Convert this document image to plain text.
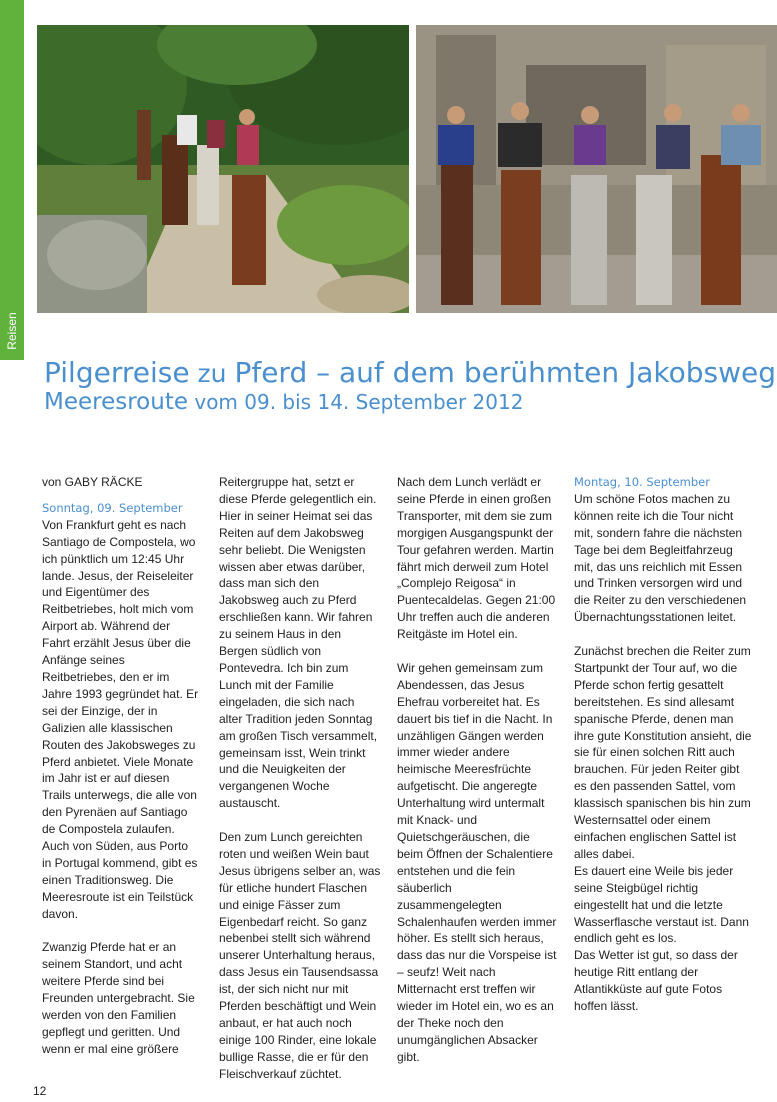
Reisen
Pilgerreise zu Pferd – auf dem berühmten Jakobsweg
Meeresroute vom 09. bis 14. September 2012

von GABY RÄCKE

Sonntag, 09. September
Von Frankfurt geht es nach Santiago de Compostela, wo ich pünktlich um 12:45 Uhr lande. Jesus, der Reiseleiter und Eigentümer des Reitbetriebes, holt mich vom Airport ab. Während der Fahrt erzählt Jesus über die Anfänge seines Reitbetriebes, den er im Jahre 1993 gegründet hat. Er sei der Einzige, der in Galizien alle klassischen Routen des Jakobsweges zu Pferd anbietet. Viele Monate im Jahr ist er auf diesen Trails unterwegs, die alle von den Pyrenäen auf Santiago de Compostela zulaufen. Auch von Süden, aus Porto in Portugal kommend, gibt es einen Traditionsweg. Die Meeresroute ist ein Teilstück davon.

Zwanzig Pferde hat er an seinem Standort, und acht weitere Pferde sind bei Freunden untergebracht. Sie werden von den Familien gepflegt und geritten. Und wenn er mal eine größere

Reitergruppe hat, setzt er diese Pferde gelegentlich ein. Hier in seiner Heimat sei das Reiten auf dem Jakobsweg sehr beliebt. Die Wenigsten wissen aber etwas darüber, dass man sich den Jakobsweg auch zu Pferd erschließen kann. Wir fahren zu seinem Haus in den Bergen südlich von Pontevedra. Ich bin zum Lunch mit der Familie eingeladen, die sich nach alter Tradition jeden Sonntag am großen Tisch versammelt, gemeinsam isst, Wein trinkt und die Neuigkeiten der vergangenen Woche austauscht.

Den zum Lunch gereichten roten und weißen Wein baut Jesus übrigens selber an, was für etliche hundert Flaschen und einige Fässer zum Eigenbedarf reicht. So ganz nebenbei stellt sich während unserer Unterhaltung heraus, dass Jesus ein Tausendsassa ist, der sich nicht nur mit Pferden beschäftigt und Wein anbaut, er hat auch noch einige 100 Rinder, eine lokale bullige Rasse, die er für den Fleischverkauf züchtet.

Nach dem Lunch verlädt er seine Pferde in einen großen Transporter, mit dem sie zum morgigen Ausgangspunkt der Tour gefahren werden. Martin fährt mich derweil zum Hotel „Complejo Reigosa“ in Puentecaldelas. Gegen 21:00 Uhr treffen auch die anderen Reitgäste im Hotel ein.

Wir gehen gemeinsam zum Abendessen, das Jesus Ehefrau vorbereitet hat. Es dauert bis tief in die Nacht. In unzähligen Gängen werden immer wieder andere heimische Meeresfrüchte aufgetischt. Die angeregte Unterhaltung wird untermalt mit Knack- und Quietschgeräuschen, die beim Öffnen der Schalentiere entstehen und die fein säuberlich zusammengelegten Schalenhaufen werden immer höher. Es stellt sich heraus, dass das nur die Vorspeise ist – seufz! Weit nach Mitternacht erst treffen wir wieder im Hotel ein, wo es an der Theke noch den unumgänglichen Absacker gibt.

Montag, 10. September
Um schöne Fotos machen zu können reite ich die Tour nicht mit, sondern fahre die nächsten Tage bei dem Begleitfahrzeug mit, das uns reichlich mit Essen und Trinken versorgen wird und die Reiter zu den verschiedenen Übernachtungsstationen leitet.

Zunächst brechen die Reiter zum Startpunkt der Tour auf, wo die Pferde schon fertig gesattelt bereitstehen. Es sind allesamt spanische Pferde, denen man ihre gute Konstitution ansieht, die sie für einen solchen Ritt auch brauchen. Für jeden Reiter gibt es den passenden Sattel, vom klassisch spanischen bis hin zum Westernsattel oder einem einfachen englischen Sattel ist alles dabei.
Es dauert eine Weile bis jeder seine Steigbügel richtig eingestellt hat und die letzte Wasserflasche verstaut ist. Dann endlich geht es los.
Das Wetter ist gut, so dass der heutige Ritt entlang der Atlantikküste auf gute Fotos hoffen lässt.

12
